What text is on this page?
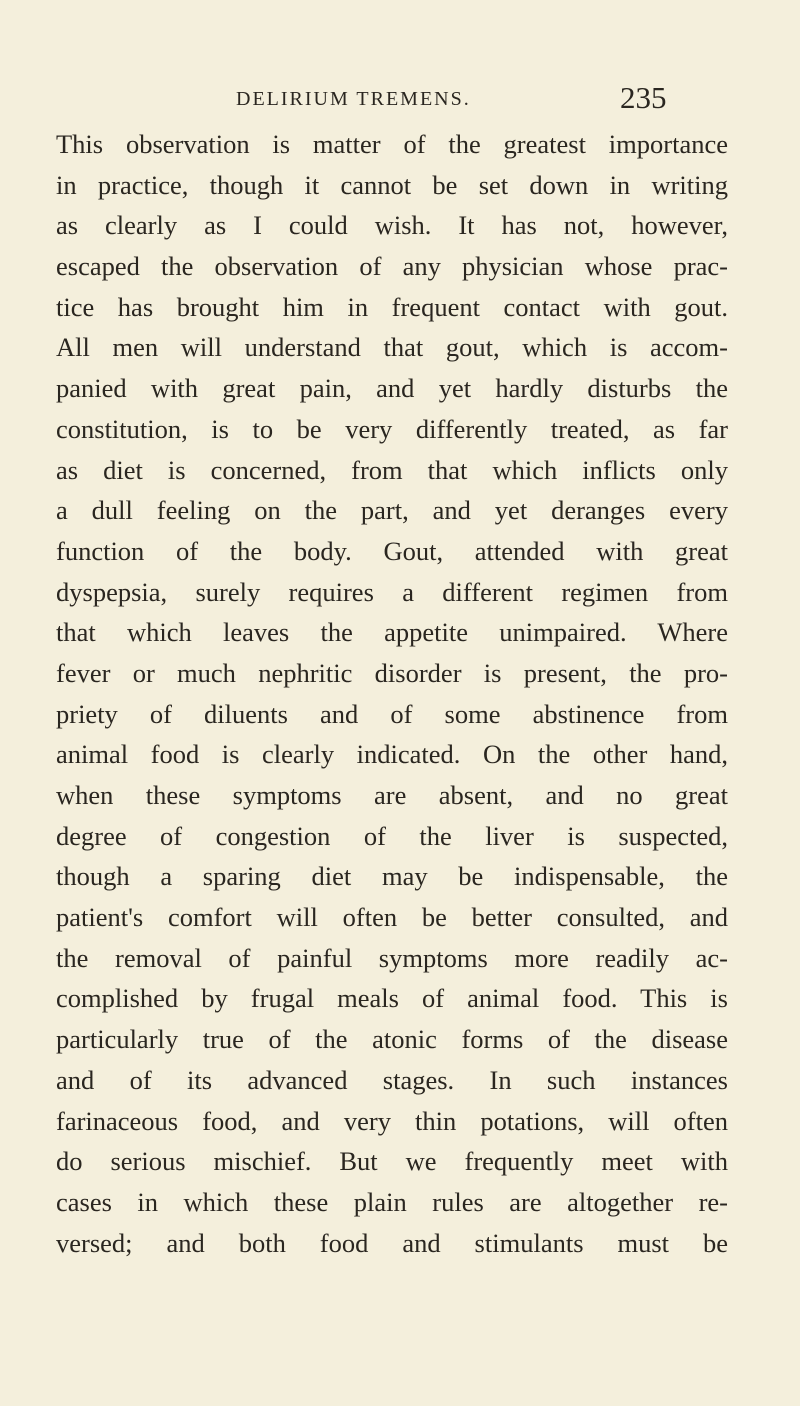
DELIRIUM TREMENS.	235
This observation is matter of the greatest importance
in practice, though it cannot be set down in writing
as clearly as I could wish. It has not, however,
escaped the observation of any physician whose prac-
tice has brought him in frequent contact with gout.
All men will understand that gout, which is accom-
panied with great pain, and yet hardly disturbs the
constitution, is to be very differently treated, as far
as diet is concerned, from that which inflicts only
a dull feeling on the part, and yet deranges every
function of the body. Gout, attended with great
dyspepsia, surely requires a different regimen from
that which leaves the appetite unimpaired. Where
fever or much nephritic disorder is present, the pro-
priety of diluents and of some abstinence from
animal food is clearly indicated. On the other hand,
when these symptoms are absent, and no great
degree of congestion of the liver is suspected,
though a sparing diet may be indispensable, the
patient's comfort will often be better consulted, and
the removal of painful symptoms more readily ac-
complished by frugal meals of animal food. This is
particularly true of the atonic forms of the disease
and of its advanced stages. In such instances
farinaceous food, and very thin potations, will often
do serious mischief. But we frequently meet with
cases in which these plain rules are altogether re-
versed; and both food and stimulants must be
